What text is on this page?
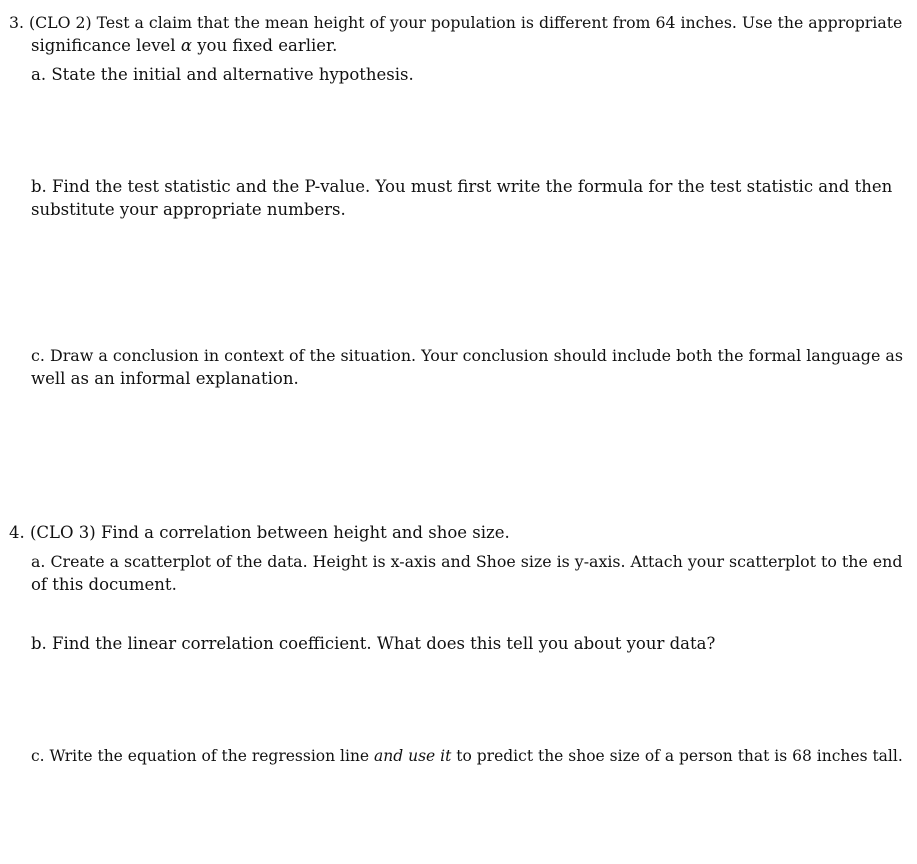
3. (CLO 2) Test a claim that the mean height of your population is different from 64 inches. Use the appropriate
significance level α you fixed earlier.
a. State the initial and alternative hypothesis.
b. Find the test statistic and the P-value. You must first write the formula for the test statistic and then
substitute your appropriate numbers.
c. Draw a conclusion in context of the situation. Your conclusion should include both the formal language as
well as an informal explanation.
4. (CLO 3) Find a correlation between height and shoe size.
a. Create a scatterplot of the data. Height is x-axis and Shoe size is y-axis. Attach your scatterplot to the end
of this document.
b. Find the linear correlation coefficient. What does this tell you about your data?
c. Write the equation of the regression line and use it to predict the shoe size of a person that is 68 inches tall.
